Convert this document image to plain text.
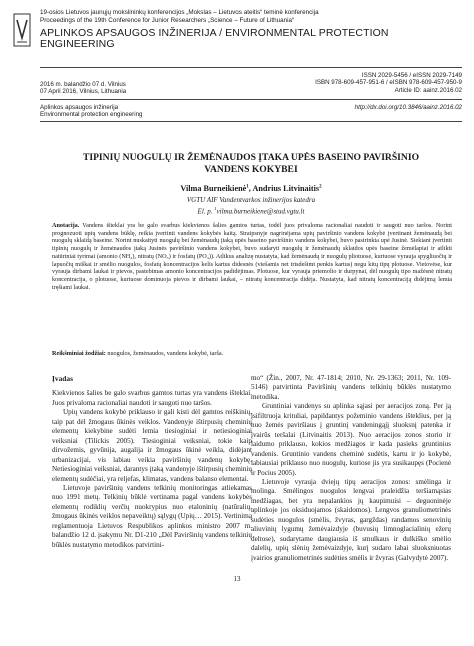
19-osios Lietuvos jaunųjų mokslininkų konferencijos „Mokslas – Lietuvos ateitis“ teminė konferencija
Proceedings of the 19th Conference for Junior Researchers „Science – Future of Lithuania“
APLINKOS APSAUGOS INŽINERIJA / ENVIRONMENTAL PROTECTION
ENGINEERING
2016 m. balandžio 07 d. Vilnius
07 April 2016, Vilnius, Lithuania
ISSN 2029-5456 / eISSN 2029-7149
ISBN 978-609-457-951-6 / eISBN 978-609-457-950-9
Article ID: aainz.2016.02
Aplinkos apsaugos inžinerija
Environmental protection engineering
http://dx.doi.org/10.3846/aainz.2016.02
TIPINIŲ NUOGULŲ IR ŽEMĖNAUDOS ĮTAKA UPĖS BASEINO PAVIRŠINIO
VANDENS KOKYBEI
Vilma Burneikienė$^1$, Andrius Litvinaitis$^2$
VGTU AIF Vandentvarkos inžinerijos katedra
El. p. $^1$vilma.burneikiene@stud.vgtu.lt
Anotacija. Vandens išteklai yra be galo svarbus kiekvienos šalies gamtos turtas, todėl juos privaloma racionaliai naudoti ir saugoti nuo taršos. Norint prognozuoti upių vandens būklę, reikia įvertinti vandens kokybės kaitą. Straipsnyje nagrinėjama upių paviršinio vandens kokybė įvertinant žemėnaudą bei nuogulų sklaidą baseine. Norint nuskaityti nuogulų bei žemėnaudų įtaką upės baseino paviršinio vandens kokybei, buvo pasirinkta upė Jusinė. Siekiant įvertinti tipinių nuogulų ir žemėnaudos įtaką Jusinės paviršinio vandens kokybei, buvo sudaryti nuogulų ir žemėnaudų sklaidos upės baseine žemėlapiai ir atlikti natūriniai tyrimai (amonio (NH₄), nitratų (NO₃) ir fosfatų (PO₄)). Atlikus analizę nustatyta, kad žemėnaudų ir nuogulų pliotuose, kuriuose vyrauja spygliuočių ir lapuočių miškai ir smėlio nuogulos, fosfatų koncentracijos kelis kartus didesnės (viešamis net trisdešimt penkis kartus) negu kitų tipų plotuose. Vietovėse, kur vyrauja dirbami laukai ir pievos, pastebimas amonio koncentracijos padidėjimas. Plotuose, kur vyrauja priemolio ir durpynai, dėl nuogulų tipo mažėsnė nitratų koncentracija, o plotuose, kuriuose dominuoja pievos ir dirbami laukai, – nitratų koncentracija didėja. Nustatyta, kad nitratų koncentraciją didėjimą lemia tręšiami laukai.
Reikšminiai žodžiai: nuogulos, žemėnaudos, vandens kokybė, tarša.
Įvadas

Kiekvienos šalies be galo svarbus gamtos turtas yra vandens išteklai. Juos privaloma racionaliai naudoti ir saugoti nuo taršos.

Upių vandens kokybė priklauso ir gali kisti dėl gamtos reiškinių, taip pat dėl žmogaus ūkinės veiklos. Vandenyje ištirpusių cheminių elementų kiekybine sudėti lemia tiesioginiai ir netiesioginiai veiksniai (Tilickis 2005). Tiesioginiai veiksniai, tokie kaip dirvožemis, gyvūnija, augalija ir žmogaus ūkinė veikla, didėjant urbanizacijai, vis labiau veikia paviršinių vandenų kokybę. Netiesioginiai veiksniai, darantys įtaką vandenyje ištirpusių cheminių elementų sudėčiai, yra reljefas, klimatas, vandens balanso elementai.

Lietuvoje paviršinių vandens telkinių monitoringas atliekamas nuo 1991 metų. Telkinių būklė vertinama pagal vandens kokybės elementų rodiklių verčių nuokrypius nuo etaloninių (natūralių, žmogaus ūkinės veiklos nepaveiktų) sąlygų (Upių… 2015). Vertinimą reglamentuoja Lietuvos Respublikos aplinkos ministro 2007 m. balandžio 12 d. įsakymu Nr. D1-210 „Dėl Paviršinių vandens telkinių būklės nustatymo metodikos patvirtini-

mo“ (Žin., 2007, Nr. 47-1814; 2010, Nr. 29-1363; 2011, Nr. 109-5146) patvirtinta Paviršinių vandens telkinių būklės nustatymo metodika.

Gruntiniai vandenys su aplinka sąjasi per aeracijos zoną. Per ją įsifiltruoja krituliai, papildantys požeminio vandens išteklius, per ją nuo žemės paviršiaus į gruntinį vandeningąjį sluoksnį patenka ir įvairūs teršalai (Litvinaitis 2013). Nuo aeracijos zonos storio ir laidumo priklauso, kokios medžiagos ir kada pasieks gruntinius vandenis. Gruntinio vandens cheminė sudėtis, kartu ir jo kokybė, labiausiai priklauso nuo nuogulų, kuriose jis yra susikaupęs (Pocienė ir Pocius 2005).

Lietuvoje vyrauja dviejų tipų aeracijos zonos: smėlinga ir molinga. Smėlingos nuogulos lengvai praleidžia teršiamąsias medžiagas, bet yra nepalankios jų kaupimuisi – deguoninėje aplinkoje jos oksiduojamos (skaidomos). Lengvos granuliometrinės sudėties nuogulos (smėlis, žvyras, gargždas) randamos senovinių aliuvinių lygumų žemėvaizdyje (buvusių limnoglacialinių ežerų deltose), sudarytame daugiausia iš smulkaus ir dulkiško smėlio dalelių, upių slėnių žemėvaizdyje, kurį sudaro labai sluoksniuotas įvairios granuliometrinės sudėties smėlis ir žvyras (Galvydytė 2007).

13
